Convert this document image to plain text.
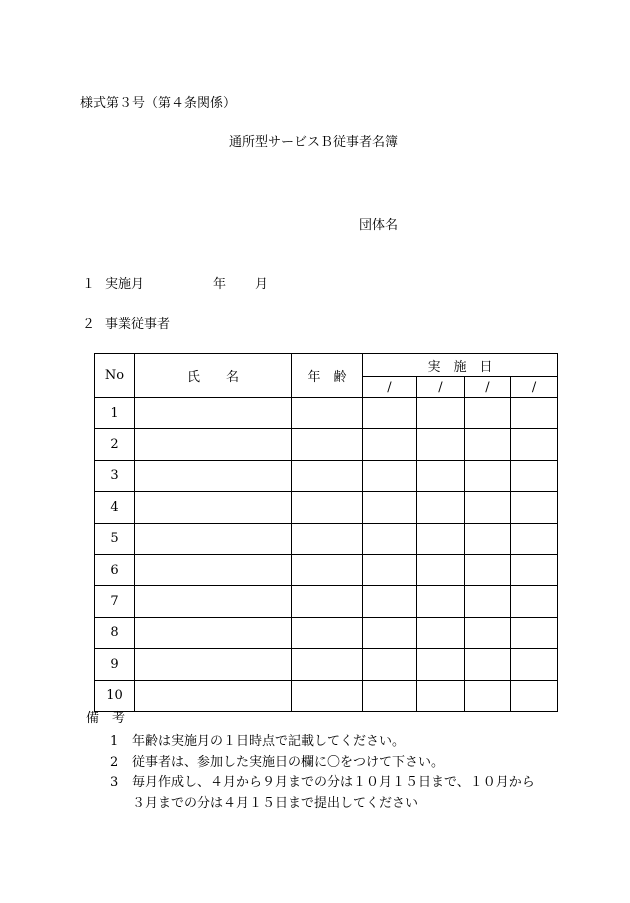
様式第３号（第４条関係）
通所型サービスＢ従事者名簿
団体名
１ 実施月	年 月
２ 事業従事者
No	氏　　名	年　齢	実　施　日			
			/	/	/	/
1						
2						
3						
4						
5						
6						
7						
8						
9						
10						
備　考
1 年齢は実施月の１日時点で記載してください。
2 従事者は、参加した実施日の欄に〇をつけて下さい。
3 毎月作成し、４月から９月までの分は１０月１５日まで、１０月から
３月までの分は４月１５日まで提出してください
